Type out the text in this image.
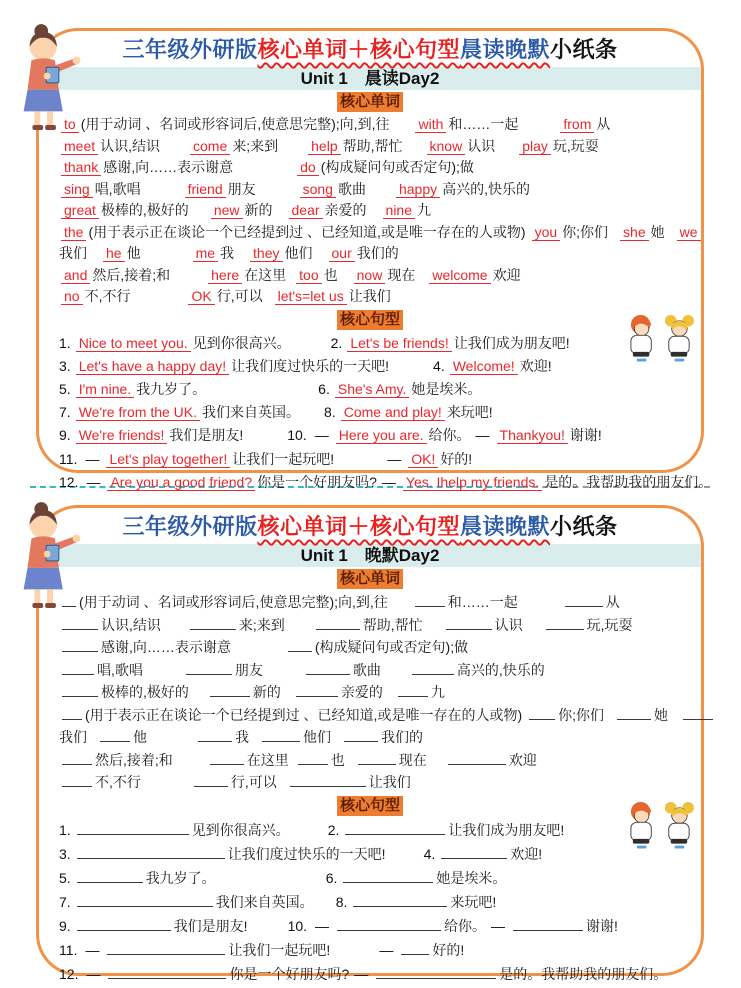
三年级外研版核心单词＋核心句型晨读晚默小纸条
Unit 1　晨读Day2
核心单词
to (用于动词 、名词或形容词后,使意思完整);向,到,往 with 和……一起	from 从
meet 认识,结识 come 来;来到 help 帮助,帮忙 know 认识 play 玩,玩耍
thank 感谢,向……表示谢意	do (构成疑问句或否定句);做
sing 唱,歌唱	friend 朋友	song 歌曲 happy 高兴的,快乐的
great 极棒的,极好的 new 新的 dear 亲爱的 nine 九
the (用于表示正在谈论一个已经提到过 、已经知道,或是唯一存在的人或物) you 你;你们 she 她 we
我们 he 他	me 我 they 他们 our 我们的
and 然后,接着;和	here 在这里 too 也 now 现在 welcome 欢迎
no 不,不行	OK 行,可以 let's=let us 让我们
核心句型
1. Nice to meet you. 见到你很高兴。	2. Let's be friends! 让我们成为朋友吧!
3. Let's have a happy day! 让我们度过快乐的一天吧!	4. Welcome! 欢迎!
5. I'm nine. 我九岁了。	6. She's Amy. 她是埃米。
7. We're from the UK. 我们来自英国。 8. Come and play! 来玩吧!
9. We're friends! 我们是朋友!	10. — Here you are. 给你。 — Thankyou! 谢谢!
11. — Let's play together! 让我们一起玩吧!	— OK! 好的!
12. — Are you a good friend? 你是一个好朋友吗? — Yes. Ihelp my friends. 是的。我帮助我的朋友们。
三年级外研版核心单词＋核心句型晨读晚默小纸条
Unit 1　晚默Day2
核心单词
(用于动词 、名词或形容词后,使意思完整);向,到,往	和……一起	从
认识,结识	来;来到	帮助,帮忙	认识	玩,玩耍
感谢,向……表示谢意	(构成疑问句或否定句);做
唱,歌唱	朋友	歌曲	高兴的,快乐的
极棒的,极好的	新的	亲爱的	九
(用于表示正在谈论一个已经提到过 、已经知道,或是唯一存在的人或物)	你;你们	她
我们	他	我	他们	我们的
然后,接着;和	在这里	也	现在	欢迎
不,不行	行,可以	让我们
核心句型
1.	见到你很高兴。	2.	让我们成为朋友吧!
3.	让我们度过快乐的一天吧!	4.	欢迎!
5.	我九岁了。	6.	她是埃米。
7.	我们来自英国。 8.	来玩吧!
9.	我们是朋友!	10. —	给你。 —	谢谢!
11. —	让我们一起玩吧!	—	好的!
12. —	你是一个好朋友吗? —	是的。我帮助我的朋友们。
